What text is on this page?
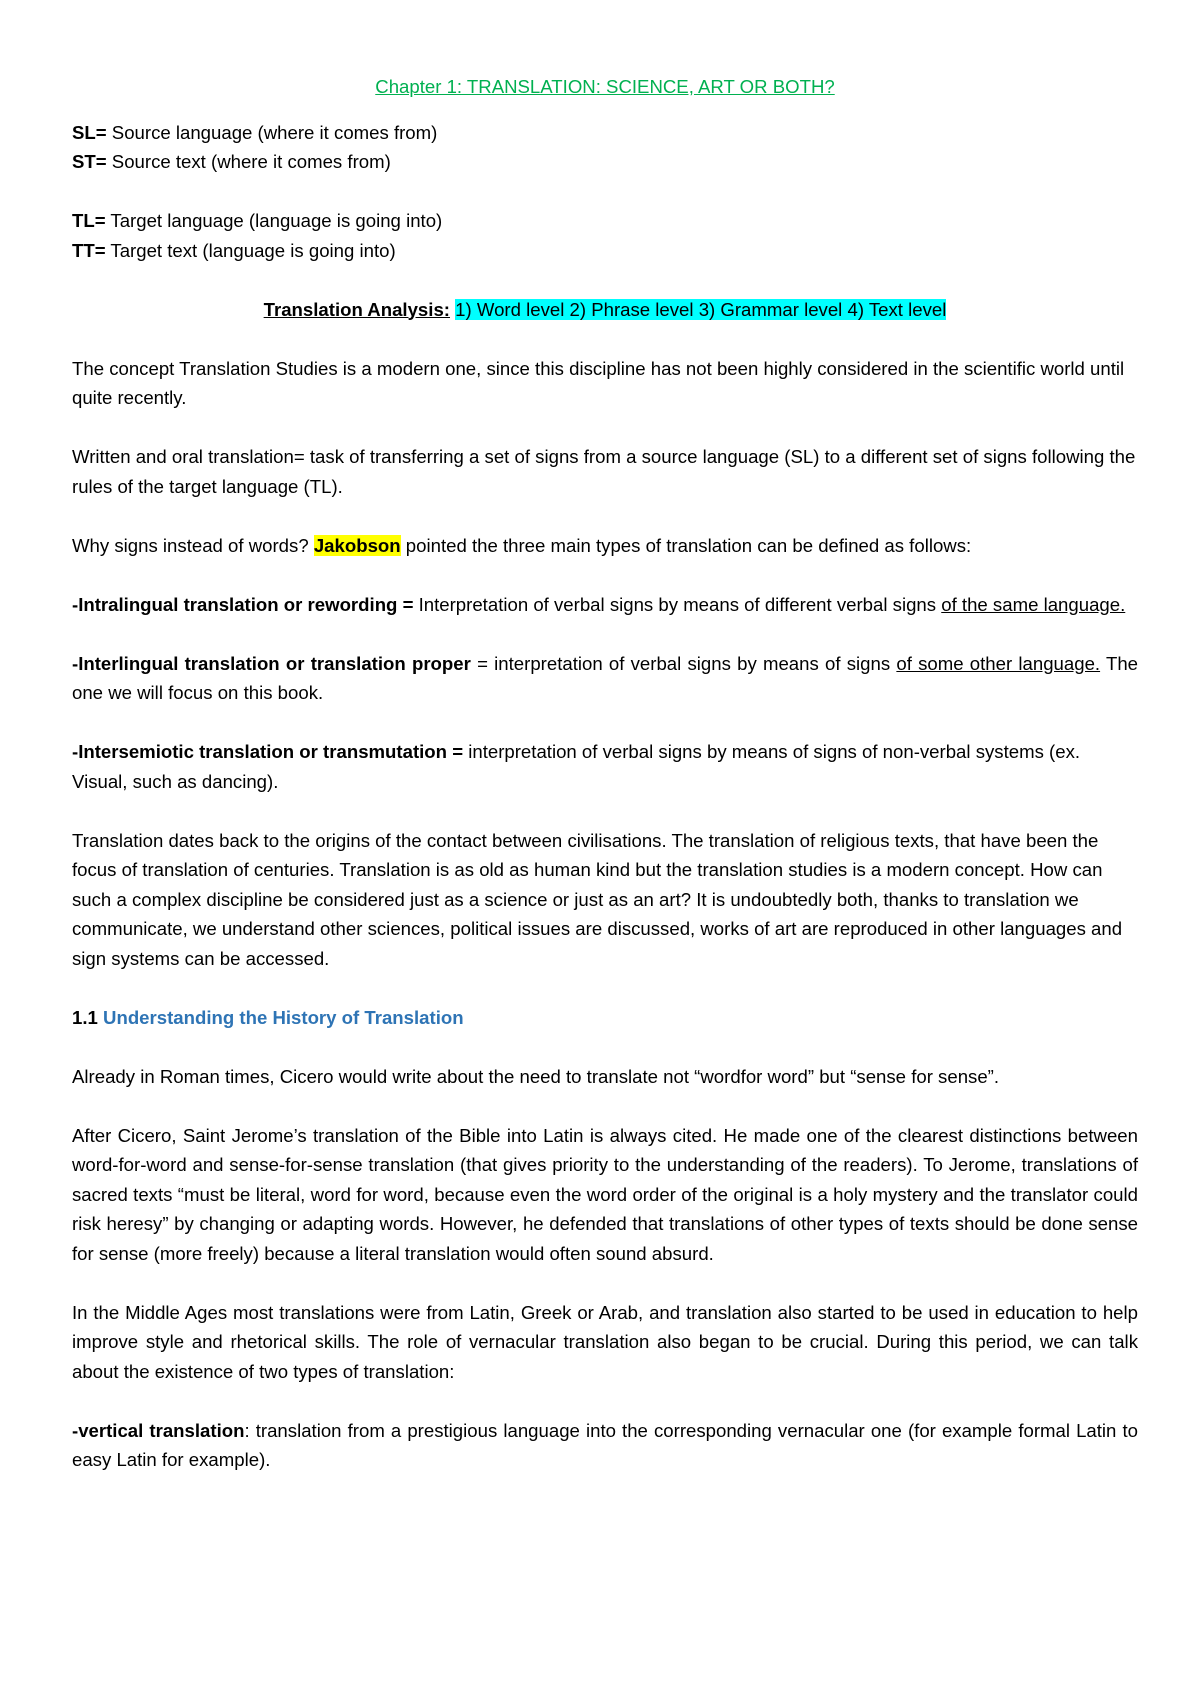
Chapter 1: TRANSLATION: SCIENCE, ART OR BOTH?

SL= Source language (where it comes from)

ST= Source text (where it comes from)

TL= Target language (language is going into)

TT= Target text (language is going into)

Translation Analysis: 1) Word level 2) Phrase level 3) Grammar level 4) Text level

The concept Translation Studies is a modern one, since this discipline has not been highly considered in the scientific world until quite recently.

Written and oral translation= task of transferring a set of signs from a source language (SL) to a different set of signs following the rules of the target language (TL).

Why signs instead of words? Jakobson pointed the three main types of translation can be defined as follows:

-Intralingual translation or rewording = Interpretation of verbal signs by means of different verbal signs of the same language.

-Interlingual translation or translation proper = interpretation of verbal signs by means of signs of some other language. The one we will focus on this book.

-Intersemiotic translation or transmutation = interpretation of verbal signs by means of signs of non-verbal systems (ex. Visual, such as dancing).

Translation dates back to the origins of the contact between civilisations. The translation of religious texts, that have been the focus of translation of centuries. Translation is as old as human kind but the translation studies is a modern concept. How can such a complex discipline be considered just as a science or just as an art? It is undoubtedly both, thanks to translation we communicate, we understand other sciences, political issues are discussed, works of art are reproduced in other languages and sign systems can be accessed.

1.1 Understanding the History of Translation

Already in Roman times, Cicero would write about the need to translate not “wordfor word” but “sense for sense”.

After Cicero, Saint Jerome’s translation of the Bible into Latin is always cited. He made one of the clearest distinctions between word-for-word and sense-for-sense translation (that gives priority to the understanding of the readers). To Jerome, translations of sacred texts “must be literal, word for word, because even the word order of the original is a holy mystery and the translator could risk heresy” by changing or adapting words. However, he defended that translations of other types of texts should be done sense for sense (more freely) because a literal translation would often sound absurd.

In the Middle Ages most translations were from Latin, Greek or Arab, and translation also started to be used in education to help improve style and rhetorical skills. The role of vernacular translation also began to be crucial. During this period, we can talk about the existence of two types of translation:

-vertical translation: translation from a prestigious language into the corresponding vernacular one (for example formal Latin to easy Latin for example).
